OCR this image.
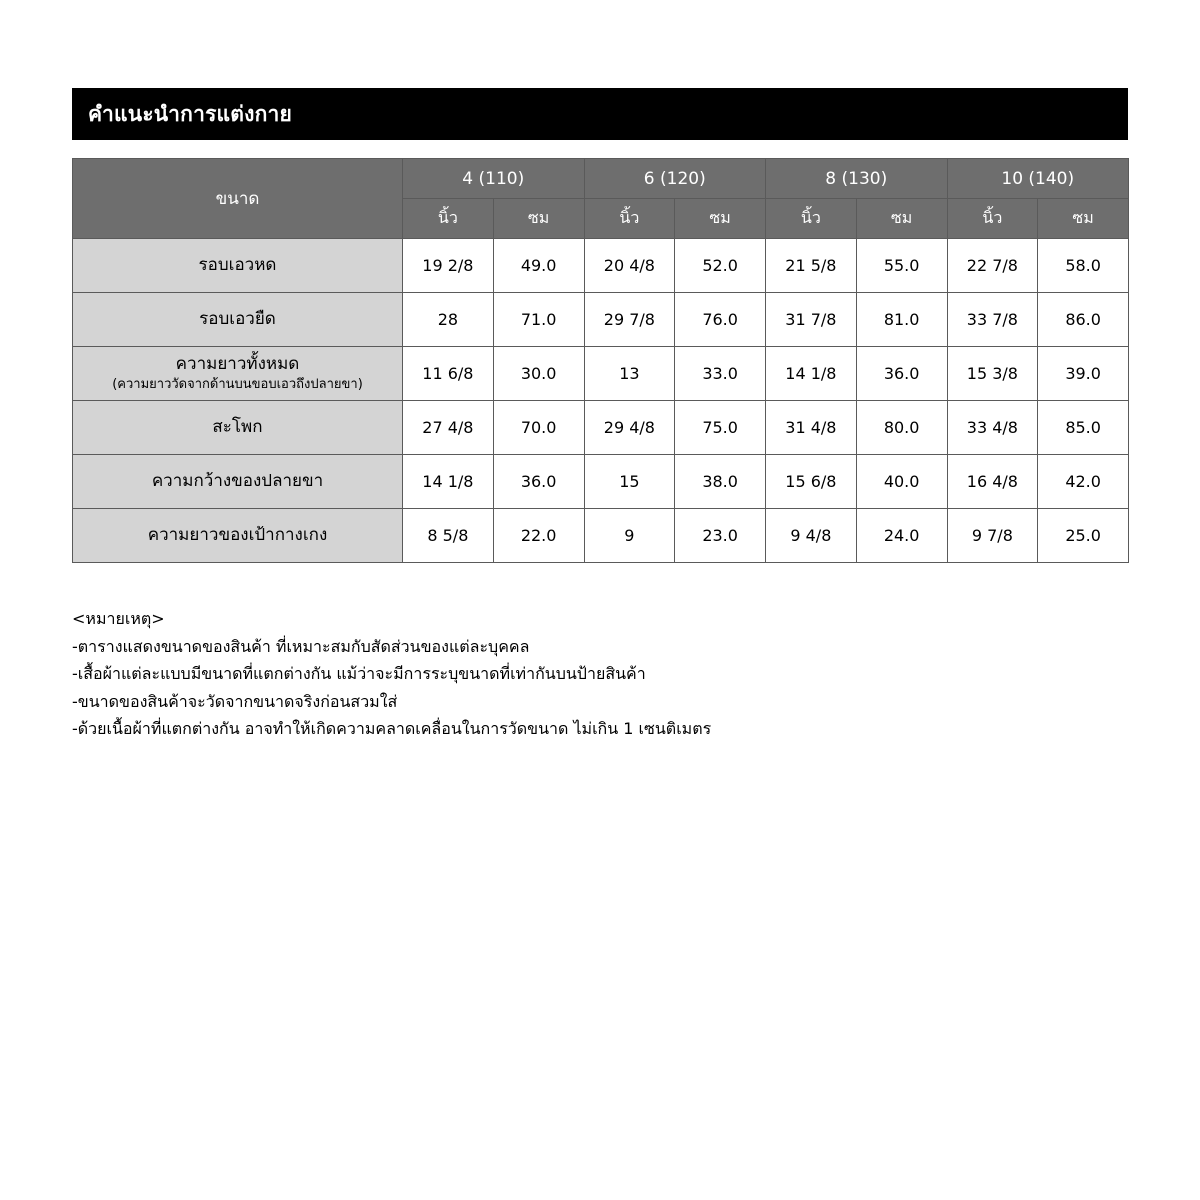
คำแนะนำการแต่งกาย
ขนาด	4 (110)		6 (120)		8 (130)		10 (140)	
	นิ้ว	ซม	นิ้ว	ซม	นิ้ว	ซม	นิ้ว	ซม
รอบเอวหด	19 2/8	49.0	20 4/8	52.0	21 5/8	55.0	22 7/8	58.0
รอบเอวยืด	28	71.0	29 7/8	76.0	31 7/8	81.0	33 7/8	86.0
ความยาวทั้งหมด
(ความยาววัดจากด้านบนขอบเอวถึงปลายขา)	11 6/8	30.0	13	33.0	14 1/8	36.0	15 3/8	39.0
สะโพก	27 4/8	70.0	29 4/8	75.0	31 4/8	80.0	33 4/8	85.0
ความกว้างของปลายขา	14 1/8	36.0	15	38.0	15 6/8	40.0	16 4/8	42.0
ความยาวของเป้ากางเกง	8 5/8	22.0	9	23.0	9 4/8	24.0	9 7/8	25.0
<หมายเหตุ>
-ตารางแสดงขนาดของสินค้า ที่เหมาะสมกับสัดส่วนของแต่ละบุคคล
-เสื้อผ้าแต่ละแบบมีขนาดที่แตกต่างกัน แม้ว่าจะมีการระบุขนาดที่เท่ากันบนป้ายสินค้า
-ขนาดของสินค้าจะวัดจากขนาดจริงก่อนสวมใส่
-ด้วยเนื้อผ้าที่แตกต่างกัน อาจทำให้เกิดความคลาดเคลื่อนในการวัดขนาด ไม่เกิน 1 เซนติเมตร
